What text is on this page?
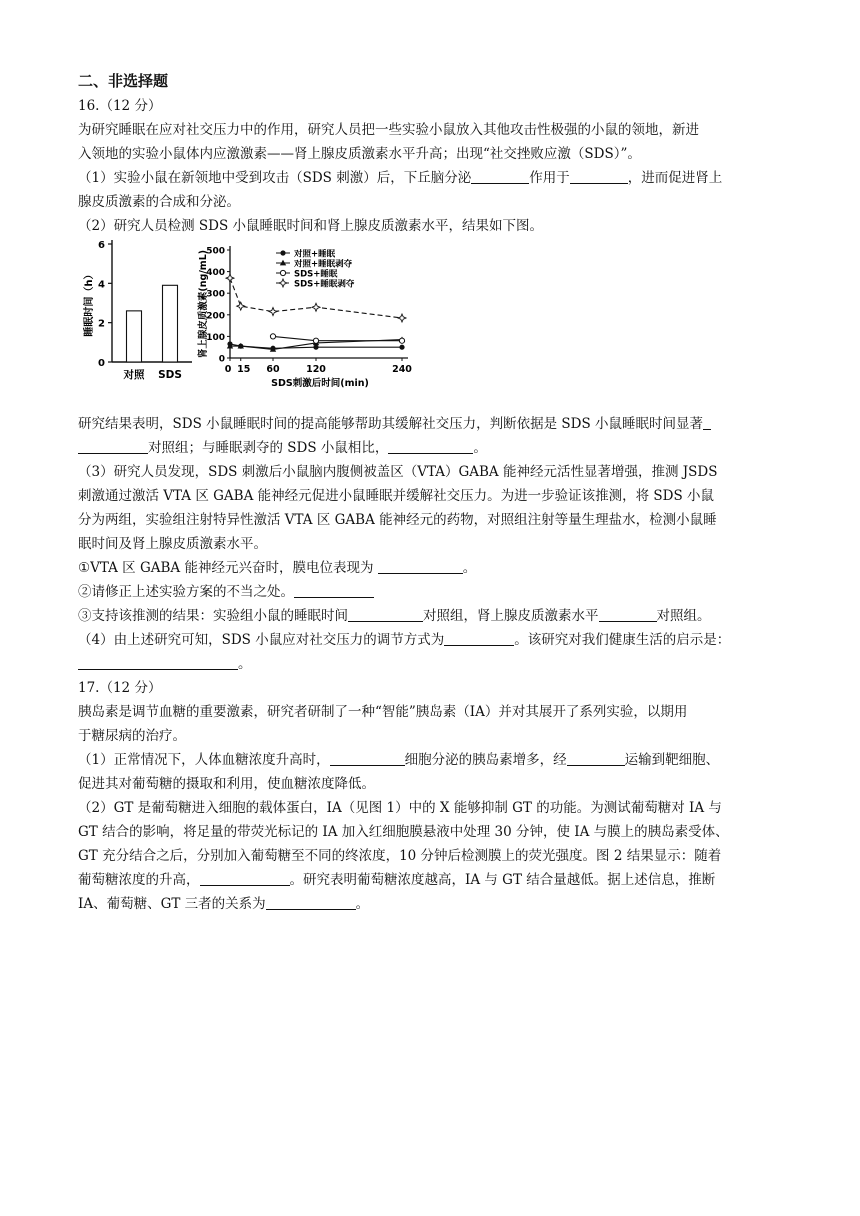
二、非选择题

16.（12 分）

为研究睡眠在应对社交压力中的作用，研究人员把一些实验小鼠放入其他攻击性极强的小鼠的领地，新进

入领地的实验小鼠体内应激激素——肾上腺皮质激素水平升高；出现“社交挫败应激（SDS）”。

（1）实验小鼠在新领地中受到攻击（SDS 刺激）后，下丘脑分泌	作用于	，进而促进肾上

腺皮质激素的合成和分泌。

（2）研究人员检测 SDS 小鼠睡眠时间和肾上腺皮质激素水平，结果如下图。

0
2
4
6
睡眠时间（h）
对照 SDS
0
100
200
300
400
500
肾上腺皮质激素(ng/mL)
0 15 60	120	240
SDS刺激后时间(min)
对照+睡眠
对照+睡眠剥夺
SDS+睡眠
SDS+睡眠剥夺

研究结果表明，SDS 小鼠睡眠时间的提高能够帮助其缓解社交压力，判断依据是 SDS 小鼠睡眠时间显著

对照组；与睡眠剥夺的 SDS 小鼠相比，	。

（3）研究人员发现，SDS 刺激后小鼠脑内腹侧被盖区（VTA）GABA 能神经元活性显著增强，推测 JSDS

刺激通过激活 VTA 区 GABA 能神经元促进小鼠睡眠并缓解社交压力。为进一步验证该推测，将 SDS 小鼠

分为两组，实验组注射特异性激活 VTA 区 GABA 能神经元的药物，对照组注射等量生理盐水，检测小鼠睡

眠时间及肾上腺皮质激素水平。

①VTA 区 GABA 能神经元兴奋时，膜电位表现为	。

②请修正上述实验方案的不当之处。

③支持该推测的结果：实验组小鼠的睡眠时间	对照组，肾上腺皮质激素水平	对照组。

（4）由上述研究可知，SDS 小鼠应对社交压力的调节方式为	。该研究对我们健康生活的启示是：

。

17.（12 分）

胰岛素是调节血糖的重要激素，研究者研制了一种“智能”胰岛素（IA）并对其展开了系列实验，以期用

于糖尿病的治疗。

（1）正常情况下，人体血糖浓度升高时，	细胞分泌的胰岛素增多，经	运输到靶细胞、

促进其对葡萄糖的摄取和利用，使血糖浓度降低。

（2）GT 是葡萄糖进入细胞的载体蛋白，IA（见图 1）中的 X 能够抑制 GT 的功能。为测试葡萄糖对 IA 与

GT 结合的影响，将足量的带荧光标记的 IA 加入红细胞膜悬液中处理 30 分钟，使 IA 与膜上的胰岛素受体、

GT 充分结合之后，分别加入葡萄糖至不同的终浓度，10 分钟后检测膜上的荧光强度。图 2 结果显示：随着

葡萄糖浓度的升高，	。研究表明葡萄糖浓度越高，IA 与 GT 结合量越低。据上述信息，推断

IA、葡萄糖、GT 三者的关系为	。
